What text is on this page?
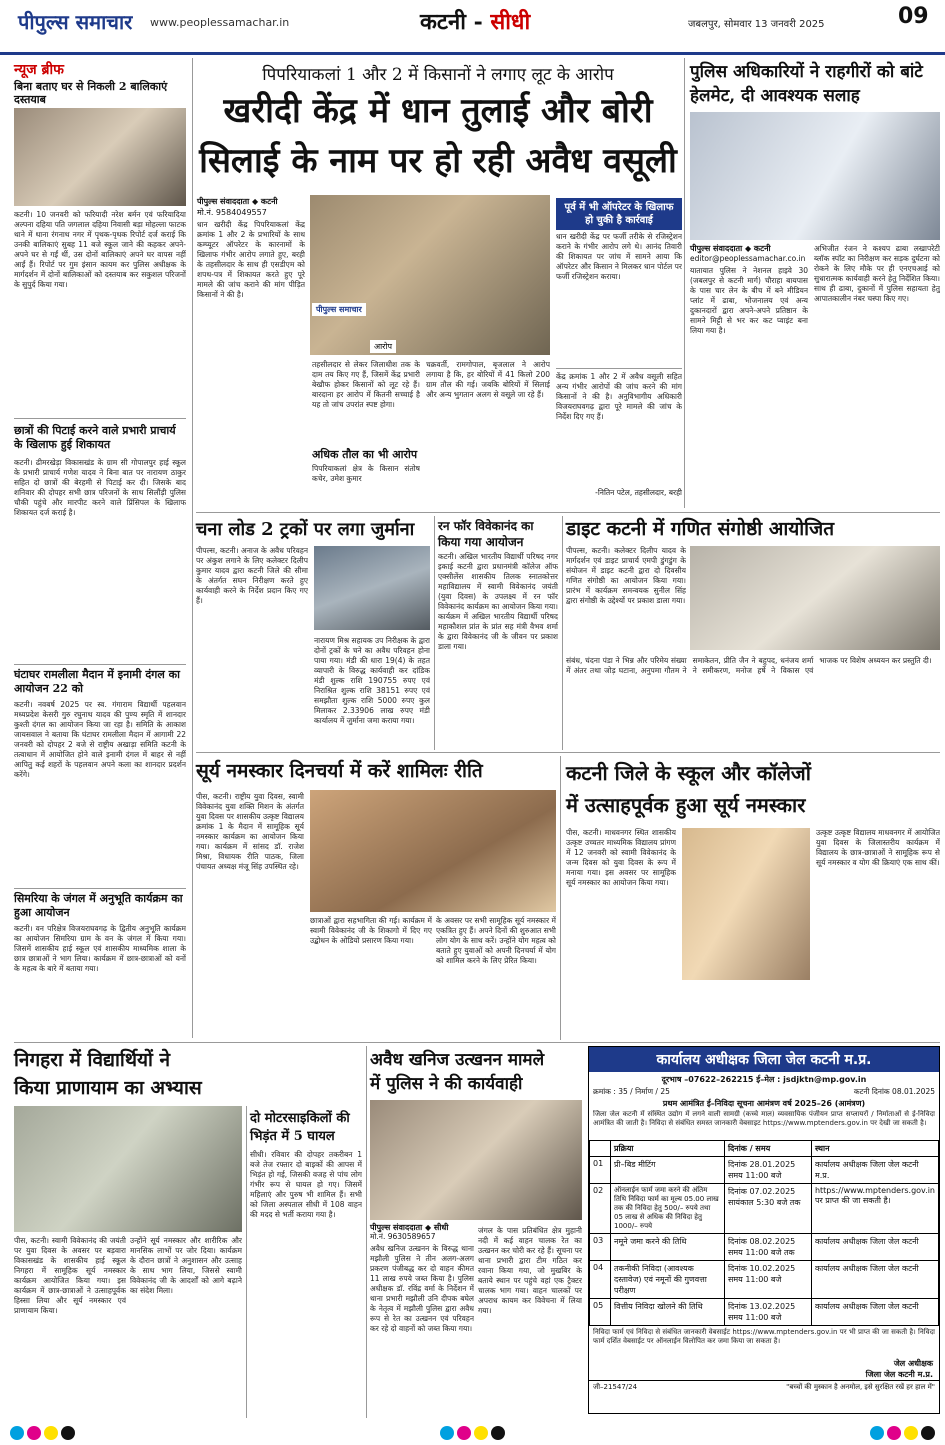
पीपुल्स समाचार www.peoplessamachar.in	कटनी - सीधी	जबलपुर, सोमवार 13 जनवरी 2025	09
न्यूज ब्रीफ
बिना बताए घर से निकली 2 बालिकाएं दस्तयाब
कटनी। 10 जनवरी को फरियादी नरेश बर्मन एवं फरियादिया अल्पना दहिया पति जगलाल दहिया निवासी बड़ा मोहल्ला फाटक थाने में थाना रंगनाथ नगर में पृथक-पृथक रिपोर्ट दर्ज कराई कि उनकी बालिकाएं सुबह 11 बजे स्कूल जाने की कहकर अपने-अपने घर से गईं थीं, उस दोनों बालिकाएं अपने घर वापस नहीं आईं हैं। रिपोर्ट पर गुम इंसान कायम कर पुलिस अधीक्षक के मार्गदर्शन में दोनों बालिकाओं को दस्तयाब कर सकुशल परिजनों के सुपुर्द किया गया।
छात्रों की पिटाई करने वाले प्रभारी प्राचार्य के खिलाफ हुई शिकायत
कटनी। ढीमरखेड़ा विकासखंड के ग्राम सी गोपालपुर हाई स्कूल के प्रभारी प्राचार्य गणेश यादव ने बिना बात पर नारायण ठाकुर सहित दो छात्रों की बेरहमी से पिटाई कर दी। जिसके बाद शनिवार की दोपहर सभी छात्र परिजनों के साथ सिलौंड़ी पुलिस चौकी पहुंचे और मारपीट करने वाले प्रिंसिपल के खिलाफ शिकायत दर्ज कराई है।
घंटाघर रामलीला मैदान में इनामी दंगल का आयोजन 22 को
कटनी। नवबर्ष 2025 पर स्व. गंगाराम विद्यार्थी पहलवान मध्यप्रदेश केसरी गुरु रघुनाथ यादव की पुण्य स्मृति में शानदार कुश्ती दंगल का आयोजन किया जा रहा है। समिति के आकाश जायसवाल ने बताया कि घंटाघर रामलीला मैदान में आगामी 22 जनवरी को दोपहर 2 बजे से राष्ट्रीय अखाड़ा समिति कटनी के तत्वाधान में आयोजित होने वाले इनामी दंगल में बाहर से नहीं आपितु कई शहरों के पहलवान अपने कला का शानदार प्रदर्शन करेंगे।
सिमरिया के जंगल में अनुभूति कार्यक्रम का हुआ आयोजन
कटनी। वन परिक्षेत्र विजयराघवगढ़ के द्वितीय अनुभूति कार्यक्रम का आयोजन सिमरिया ग्राम के वन के जंगल में किया गया। जिसमें शासकीय हाई स्कूल एवं शासकीय माध्यमिक शाला के छात्र छात्राओं ने भाग लिया। कार्यक्रम में छात्र-छात्राओं को वनों के महत्व के बारे में बताया गया।
पिपरियाकलां 1 और 2 में किसानों ने लगाए लूट के आरोप
खरीदी केंद्र में धान तुलाई और बोरी
सिलाई के नाम पर हो रही अवैध वसूली
पीपुल्स संवाददाता ◆ कटनी
मो.नं. 9584049557
पीपुल्स समाचार
आरोप
पूर्व में भी ऑपरेटर के खिलाफ हो चुकी है कार्रवाई
धान खरीदी केंद्र पर फर्जी तरीके से रजिस्ट्रेशन कराने के गंभीर आरोप लगे थे। आनंद तिवारी की शिकायत पर जांच में सामने आया कि ऑपरेटर और किसान ने मिलकर धान पोर्टल पर फर्जी रजिस्ट्रेशन कराया।
धान खरीदी केंद्र पिपरियाकलां केंद्र क्रमांक 1 और 2 के प्रभारियों के साथ कम्प्यूटर ऑपरेटर के कारनामों के खिलाफ गंभीर आरोप लगाते हुए, बरही के तहसीलदार के साथ ही एसडीएम को शपथ-पत्र में शिकायत करते हुए पूरे मामले की जांच कराने की मांग पीड़ित किसानों ने की है।
तहसीलदार से लेकर जिलाधीश तक के दाम तय किए गए हैं, जिसमें केंद्र प्रभारी बेखौफ होकर किसानों को लूट रहे हैं। बारदाना हर आरोप में कितनी सच्चाई है यह तो जांच उपरांत स्पष्ट होगा।
अधिक तौल का भी आरोप
पिपरियाकलां क्षेत्र के किसान संतोष कचेर, उमेश कुमार
चक्रवर्ती, रामगोपाल, बृजलाल ने आरोप लगाया है कि, हर बोरियों में 41 किलो 200 ग्राम तौल की गई। जबकि बोरियों में सिलाई और अन्य भुगतान अलग से वसूले जा रहे हैं।
केंद्र क्रमांक 1 और 2 में अवैध वसूली सहित अन्य गंभीर आरोपों की जांच करने की मांग किसानों ने की है। अनुविभागीय अधिकारी विजयराघवगढ़ द्वारा पूरे मामले की जांच के निर्देश दिए गए हैं।
-नितिन पटेल, तहसीलदार, बरही
पुलिस अधिकारियों ने राहगीरों को बांटे हेलमेट, दी आवश्यक सलाह
पीपुल्स संवाददाता ◆ कटनी
editor@peoplessamachar.co.in
यातायात पुलिस ने नेशनल हाइवे 30 (जबलपुर से कटनी मार्ग) चौराहा बायपास के पास चार लेन के बीच में बने मीडियन प्लांट में ढाबा, भोजनालय एवं अन्य दुकानदारों द्वारा अपने-अपने प्रतिष्ठान के सामने मिट्टी से भर कर कट प्वाइंट बना लिया गया है।
अभिजीत रंजन ने कश्यप ढाबा लखापरेटी ब्लॉक स्पॉट का निरीक्षण कर सड़क दुर्घटना को रोकने के लिए मौके पर ही एनएचआई को सुधारात्मक कार्यवाही करने हेतु निर्देशित किया। साथ ही ढाबा, दुकानों में पुलिस सहायता हेतु आपातकालीन नंबर चस्पा किए गए।
चना लोड 2 ट्रकों पर लगा जुर्माना
पीपल्स, कटनी। अनाज के अवैध परिवहन पर अंकुश लगाने के लिए कलेक्टर दिलीप कुमार यादव द्वारा कटनी जिले की सीमा के अंतर्गत सघन निरीक्षण करते हुए कार्यवाही करने के निर्देश प्रदान किए गए हैं।
नारायण मिश्र सहायक उप निरीक्षक के द्वारा दोनों ट्रकों के चने का अवैध परिवहन होना पाया गया। मंडी की धारा 19(4) के तहत व्यापारी के विरुद्ध कार्यवाही कर दांडिक मंडी शुल्क राशि 190755 रुपए एवं निराश्रित शुल्क राशि 38151 रुपए एवं समझौता शुल्क राशि 5000 रुपए कुल मिलाकर 2.33906 लाख रुपए मंडी कार्यालय में जुर्माना जमा कराया गया।
रन फॉर विवेकानंद का किया गया आयोजन
कटनी। अखिल भारतीय विद्यार्थी परिषद नगर इकाई कटनी द्वारा प्रधानमंत्री कॉलेज ऑफ एक्सीलेंस शासकीय तिलक स्नातकोत्तर महाविद्यालय में स्वामी विवेकानंद जयंती (युवा दिवस) के उपलक्ष्य में रन फॉर विवेकानंद कार्यक्रम का आयोजन किया गया। कार्यक्रम में अखिल भारतीय विद्यार्थी परिषद महाकौशल प्रांत के प्रांत सह मंत्री वैभव शर्मा के द्वारा विवेकानंद जी के जीवन पर प्रकाश डाला गया।
डाइट कटनी में गणित संगोष्ठी आयोजित
पीपल्स, कटनी। कलेक्टर दिलीप यादव के मार्गदर्शन एवं डाइट प्राचार्य एमपी डुंगडुंग के संयोजन में डाइट कटनी द्वारा दो दिवसीय गणित संगोष्ठी का आयोजन किया गया। प्रारंभ में कार्यक्रम समन्वयक सुनील सिंह द्वारा संगोष्ठी के उद्देश्यों पर प्रकाश डाला गया।
संबंध, चंदना पंडा ने भिन्न और परिमेय संख्या में अंतर तथा जोड़ घटाना, अनुपमा गौतम ने समाकेतन, प्रीति जैन ने बहुपद, धनंजय शर्मा ने समीकरण, मनोज हर्षे ने विकास एवं भाजक पर विशेष अध्ययन कर प्रस्तुति दी।
सूर्य नमस्कार दिनचर्या में करें शामिलः रीति
पीस, कटनी। राष्ट्रीय युवा दिवस, स्वामी विवेकानंद युवा शक्ति मिशन के अंतर्गत युवा दिवस पर शासकीय उत्कृष्ट विद्यालय क्रमांक 1 के मैदान में सामूहिक सूर्य नमस्कार कार्यक्रम का आयोजन किया गया। कार्यक्रम में सांसद डॉ. राजेश मिश्रा, विधायक रीति पाठक, जिला पंचायत अध्यक्ष मंजू सिंह उपस्थित रहे।
छात्राओं द्वारा सहभागिता की गई। कार्यक्रम में स्वामी विवेकानंद जी के शिकागो में दिए गए उद्बोधन के ओडियो प्रसारण किया गया।
के अवसर पर सभी सामूहिक सूर्य नमस्कार में एकत्रित हुए हैं। अपने दिनों की शुरुआत सभी लोग योग के साथ करें। उन्होंने योग महत्व को बताते हुए युवाओं को अपनी दिनचर्या में योग को शामिल करने के लिए प्रेरित किया।
कटनी जिले के स्कूल और कॉलेजों
में उत्साहपूर्वक हुआ सूर्य नमस्कार
पीस, कटनी। माधवनगर स्थित शासकीय उत्कृष्ट उच्चतर माध्यमिक विद्यालय प्रांगण में 12 जनवरी को स्वामी विवेकानंद के जन्म दिवस को युवा दिवस के रूप में मनाया गया। इस अवसर पर सामूहिक सूर्य नमस्कार का आयोजन किया गया।
उत्कृष्ट उत्कृष्ट विद्यालय माधवनगर में आयोजित युवा दिवस के जिलास्तरीय कार्यक्रम में विद्यालय के छात्र-छात्राओं ने सामूहिक रूप से सूर्य नमस्कार व योग की क्रियाएं एक साथ कीं।
निगहरा में विद्यार्थियों ने
किया प्राणायाम का अभ्यास
पीस, कटनी। स्वामी विवेकानंद की जयंती पर युवा दिवस के अवसर पर बड़वारा विकासखंड के शासकीय हाई स्कूल निगहरा में सामूहिक सूर्य नमस्कार कार्यक्रम आयोजित किया गया। इस कार्यक्रम में छात्र-छात्राओं ने उत्साहपूर्वक हिस्सा लिया और सूर्य नमस्कार एवं प्राणायाम किया।
उन्होंने सूर्य नमस्कार और शारीरिक और मानसिक लाभों पर जोर दिया। कार्यक्रम के दौरान छात्रों ने अनुशासन और उत्साह के साथ भाग लिया, जिससे स्वामी विवेकानंद जी के आदर्शों को आगे बढ़ाने का संदेश मिला।
दो मोटरसाइकिलों की भिड़ंत में 5 घायल
सीधी। रविवार की दोपहर तकरीबन 1 बजे तेज रफ्तार दो बाइकों की आपस में भिड़ंत हो गई, जिसकी वजह से पांच लोग गंभीर रूप से घायल हो गए। जिसमें महिलाएं और पुरुष भी शामिल हैं। सभी को जिला अस्पताल सीधी में 108 वाहन की मदद से भर्ती कराया गया है।
अवैध खनिज उत्खनन मामले
में पुलिस ने की कार्यवाही
पीपुल्स संवाददाता ◆ सीधी
मो.नं. 9630589657
अवैध खनिज उत्खनन के विरुद्ध थाना मझौली पुलिस ने तीन अलग-अलग प्रकरण पंजीबद्ध कर दो वाहन कीमत 11 लाख रुपये जब्त किया है। पुलिस अधीक्षक डॉ. रविंद्र वर्मा के निर्देशन में थाना प्रभारी मझौली उनि दीपक बघेल के नेतृत्व में मझौली पुलिस द्वारा अवैध रूप से रेत का उत्खनन एवं परिवहन कर रहे दो वाहनों को जब्त किया गया।
जंगल के पास प्रतिबंधित क्षेत्र मुहानी नदी में कई वाहन चालक रेत का उत्खनन कर चोरी कर रहे हैं। सूचना पर थाना प्रभारी द्वारा टीम गठित कर रवाना किया गया, जो मुखबिर के बताये स्थान पर पहुंचे वहां एक ट्रैक्टर चालक भाग गया। वाहन चालकों पर अपराध कायम कर विवेचना में लिया गया।
कार्यालय अधीक्षक जिला जेल कटनी म.प्र.
दूरभाष –07622–262215 ई–मेल : jsdjktn@mp.gov.in
क्रमांक : 35 / निर्माण / 25	कटनी दिनांक 08.01.2025
प्रथम आमंत्रित ई–निविदा सूचना आमंत्रण वर्ष 2025–26 (आमंत्रण)
जिला जेल कटनी में संस्थित उद्योग में लगने वाली सामग्री (कच्चे माल) व्यवसायिक पंजीयन प्राप्त सप्लायरों / निर्माताओं से ई-निविदा आमंत्रित की जाती है। निविदा से संबंधित समस्त जानकारी वेबसाइट https://www.mptenders.gov.in पर देखी जा सकती है।
	प्रक्रिया	दिनांक / समय	स्थान
01	प्री–बिड मीटिंग	दिनांक 28.01.2025 समय 11:00 बजे	कार्यालय अधीक्षक जिला जेल कटनी म.प्र.
02	ऑनलाईन फार्म जमा करने की अंतिम तिथि निविदा फार्म का मूल्य 05.00 लाख तक की निविदा हेतु 500/– रुपये तथा 05 लाख से अधिक की निविदा हेतु 1000/– रुपये	दिनांक 07.02.2025 सायंकाल 5:30 बजे तक	https://www.mptenders.gov.in पर प्राप्त की जा सकती है।
03	नमूने जमा करने की तिथि	दिनांक 08.02.2025 समय 11:00 बजे तक	कार्यालय अधीक्षक जिला जेल कटनी
04	तकनीकी निविदा (आवश्यक दस्तावेज) एवं नमूनों की गुणवत्ता परीक्षण	दिनांक 10.02.2025 समय 11:00 बजे	कार्यालय अधीक्षक जिला जेल कटनी
05	वित्तीय निविदा खोलने की तिथि	दिनांक 13.02.2025 समय 11:00 बजे	कार्यालय अधीक्षक जिला जेल कटनी
निविदा फार्म एवं निविदा से संबंधित जानकारी वेबसाईट https://www.mptenders.gov.in पर भी प्राप्त की जा सकती है। निविदा फार्म दर्शित वेबसाईट पर ऑनलाईन विलोपित कर जमा किया जा सकता है।
जेल अधीक्षक
जिला जेल कटनी म.प्र.
जी–21547/24	"बच्चों की मुस्कान है अनमोल, इसे सुरक्षित रखें हर हाल में"
